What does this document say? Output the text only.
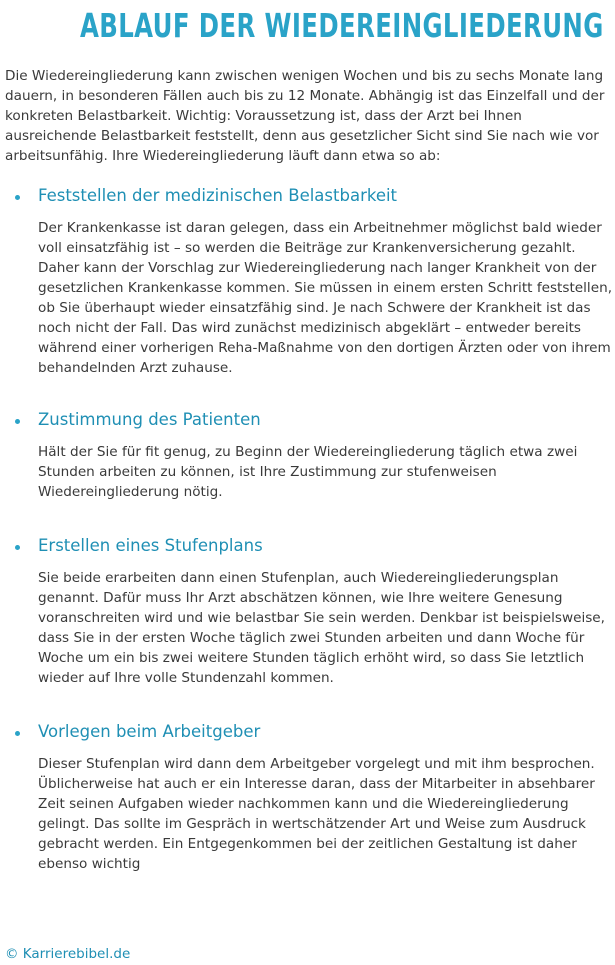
ABLAUF DER WIEDEREINGLIEDERUNG

Die Wiedereingliederung kann zwischen wenigen Wochen und bis zu sechs Monate lang dauern, in besonderen Fällen auch bis zu 12 Monate. Abhängig ist das Einzelfall und der konkreten Belastbarkeit. Wichtig: Voraussetzung ist, dass der Arzt bei Ihnen ausreichende Belastbarkeit feststellt, denn aus gesetzlicher Sicht sind Sie nach wie vor arbeitsunfähig. Ihre Wiedereingliederung läuft dann etwa so ab:

Feststellen der medizinischen Belastbarkeit

Der Krankenkasse ist daran gelegen, dass ein Arbeitnehmer möglichst bald wieder voll einsatzfähig ist – so werden die Beiträge zur Krankenversicherung gezahlt. Daher kann der Vorschlag zur Wiedereingliederung nach langer Krankheit von der gesetzlichen Krankenkasse kommen. Sie müssen in einem ersten Schritt feststellen, ob Sie überhaupt wieder einsatzfähig sind. Je nach Schwere der Krankheit ist das noch nicht der Fall. Das wird zunächst medizinisch abgeklärt – entweder bereits während einer vorherigen Reha-Maßnahme von den dortigen Ärzten oder von ihrem behandelnden Arzt zuhause.

Zustimmung des Patienten

Hält der Sie für fit genug, zu Beginn der Wiedereingliederung täglich etwa zwei Stunden arbeiten zu können, ist Ihre Zustimmung zur stufenweisen Wiedereingliederung nötig.

Erstellen eines Stufenplans

Sie beide erarbeiten dann einen Stufenplan, auch Wiedereingliederungsplan genannt. Dafür muss Ihr Arzt abschätzen können, wie Ihre weitere Genesung voranschreiten wird und wie belastbar Sie sein werden. Denkbar ist beispielsweise, dass Sie in der ersten Woche täglich zwei Stunden arbeiten und dann Woche für Woche um ein bis zwei weitere Stunden täglich erhöht wird, so dass Sie letztlich wieder auf Ihre volle Stundenzahl kommen.

Vorlegen beim Arbeitgeber

Dieser Stufenplan wird dann dem Arbeitgeber vorgelegt und mit ihm besprochen. Üblicherweise hat auch er ein Interesse daran, dass der Mitarbeiter in absehbarer Zeit seinen Aufgaben wieder nachkommen kann und die Wiedereingliederung gelingt. Das sollte im Gespräch in wertschätzender Art und Weise zum Ausdruck gebracht werden. Ein Entgegenkommen bei der zeitlichen Gestaltung ist daher ebenso wichtig

© Karrierebibel.de
